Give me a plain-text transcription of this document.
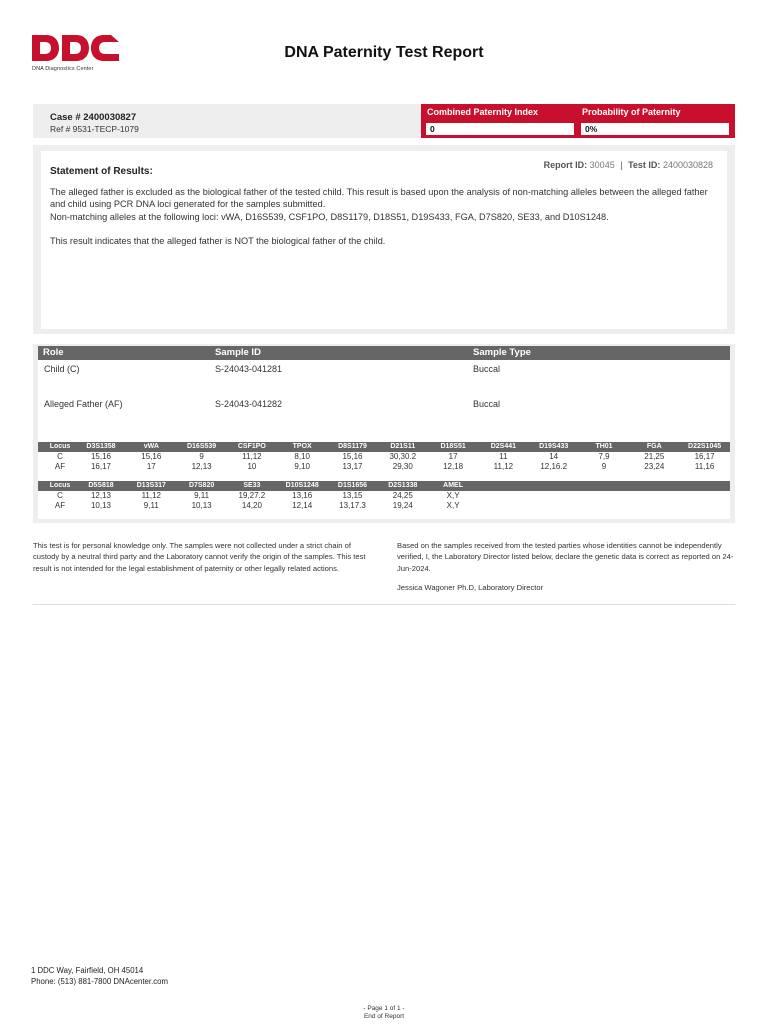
DNA Diagnostics Center
DNA Paternity Test Report
Case # 2400030827
Ref # 9531-TECP-1079
Combined Paternity Index
0
Probability of Paternity
0%
Report ID: 30045 | Test ID: 2400030828
Statement of Results:

The alleged father is excluded as the biological father of the tested child. This result is based upon the analysis of non-matching alleles between the alleged father and child using PCR DNA loci generated for the samples submitted.

Non-matching alleles at the following loci: vWA, D16S539, CSF1PO, D8S1179, D18S51, D19S433, FGA, D7S820, SE33, and D10S1248.

This result indicates that the alleged father is NOT the biological father of the child.

Role	Sample ID	Sample Type
Child (C)	S-24043-041281	Buccal
Alleged Father (AF)	S-24043-041282	Buccal
Locus	D3S1358	vWA	D16S539	CSF1PO	TPOX	D8S1179	D21S11	D18S51	D2S441	D19S433	TH01	FGA	D22S1045
C	15,16	15,16	9	11,12	8,10	15,16	30,30.2	17	11	14	7,9	21,25	16,17
AF	16,17	17	12,13	10	9,10	13,17	29,30	12,18	11,12	12,16.2	9	23,24	11,16
Locus	D5S818	D13S317	D7S820	SE33	D10S1248	D1S1656	D2S1338	AMEL
C	12,13	11,12	9,11	19,27.2	13,16	13,15	24,25	X,Y
AF	10,13	9,11	10,13	14,20	12,14	13,17.3	19,24	X,Y
This test is for personal knowledge only. The samples were not collected under a strict chain of custody by a neutral third party and the Laboratory cannot verify the origin of the samples. This test result is not intended for the legal establishment of paternity or other legally related actions.
Based on the samples received from the tested parties whose identities cannot be independently verified, I, the Laboratory Director listed below, declare the genetic data is correct as reported on 24-Jun-2024.
Jessica Wagoner Ph.D, Laboratory Director
1 DDC Way, Fairfield, OH 45014
Phone: (513) 881-7800 DNAcenter.com
- Page 1 of 1 -
End of Report
